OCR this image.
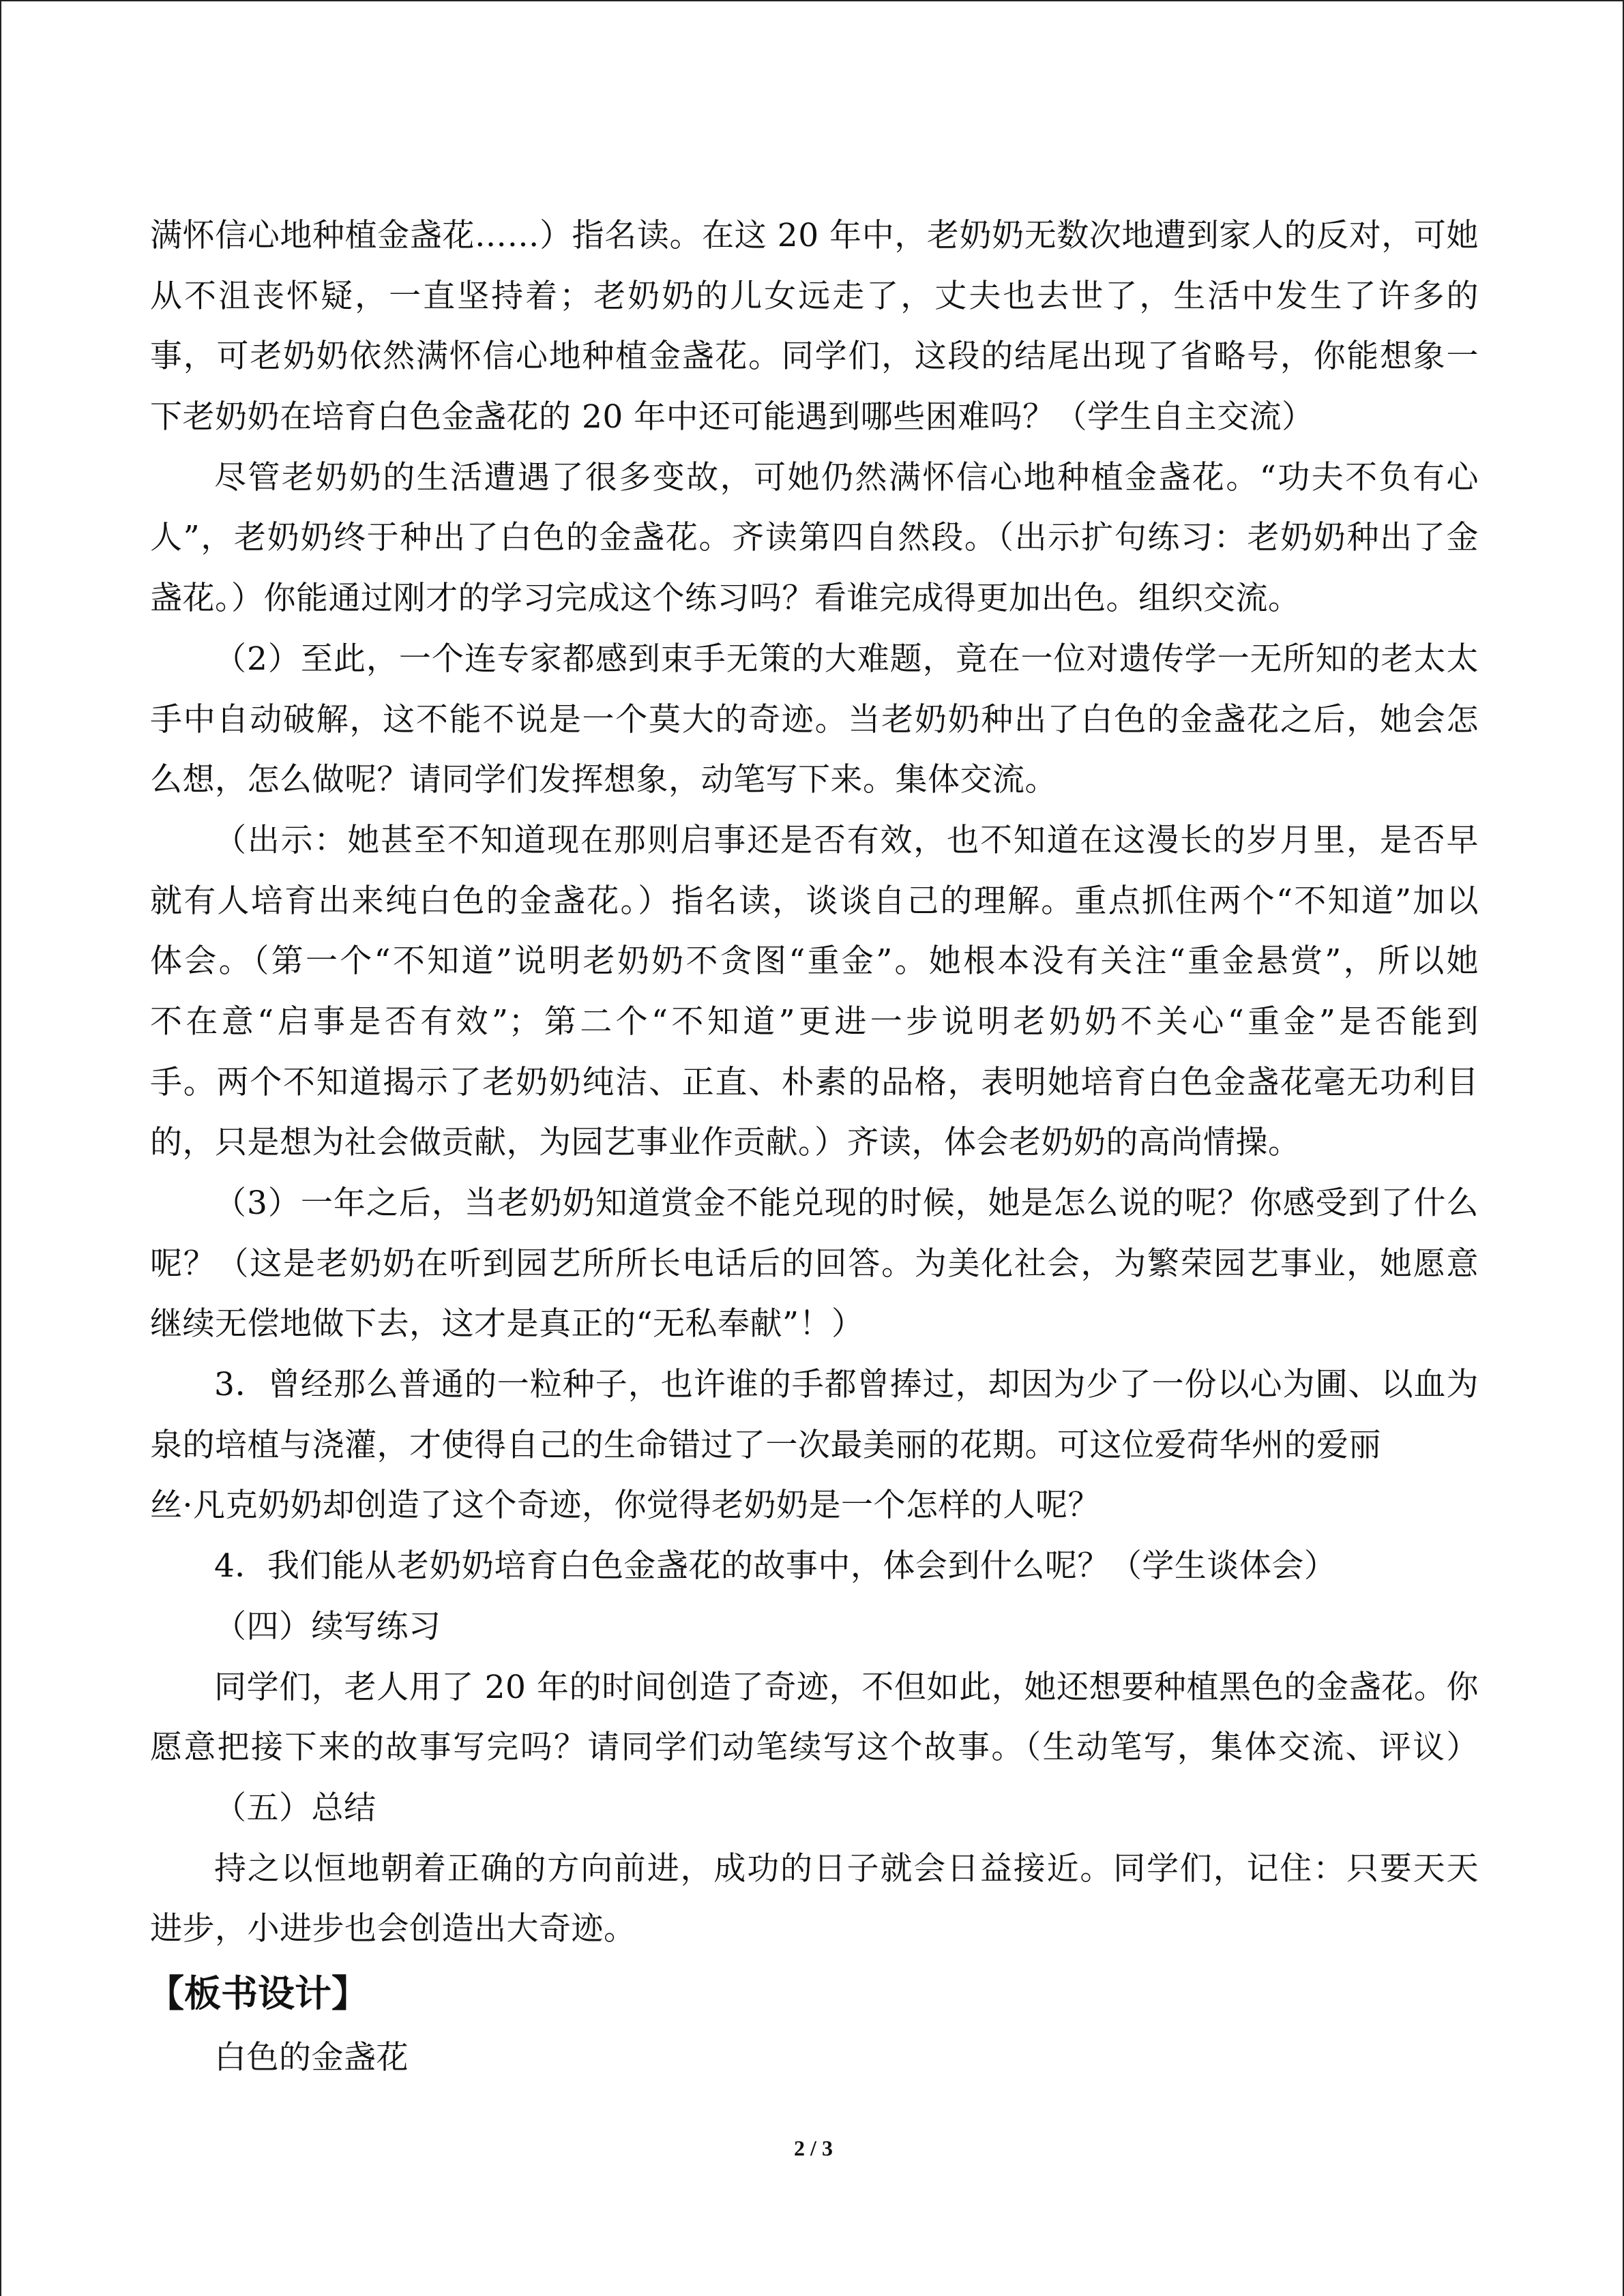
满怀信心地种植金盏花……）指名读。在这 20 年中，老奶奶无数次地遭到家人的反对，可她
从不沮丧怀疑，一直坚持着；老奶奶的儿女远走了，丈夫也去世了，生活中发生了许多的
事，可老奶奶依然满怀信心地种植金盏花。同学们，这段的结尾出现了省略号，你能想象一
下老奶奶在培育白色金盏花的 20 年中还可能遇到哪些困难吗？（学生自主交流）
尽管老奶奶的生活遭遇了很多变故，可她仍然满怀信心地种植金盏花。“功夫不负有心
人”，老奶奶终于种出了白色的金盏花。齐读第四自然段。（出示扩句练习：老奶奶种出了金
盏花。）你能通过刚才的学习完成这个练习吗？看谁完成得更加出色。组织交流。
（2）至此，一个连专家都感到束手无策的大难题，竟在一位对遗传学一无所知的老太太
手中自动破解，这不能不说是一个莫大的奇迹。当老奶奶种出了白色的金盏花之后，她会怎
么想，怎么做呢？请同学们发挥想象，动笔写下来。集体交流。
（出示：她甚至不知道现在那则启事还是否有效，也不知道在这漫长的岁月里，是否早
就有人培育出来纯白色的金盏花。）指名读，谈谈自己的理解。重点抓住两个“不知道”加以
体会。（第一个“不知道”说明老奶奶不贪图“重金”。她根本没有关注“重金悬赏”，所以她
不在意“启事是否有效”；第二个“不知道”更进一步说明老奶奶不关心“重金”是否能到
手。两个不知道揭示了老奶奶纯洁、正直、朴素的品格，表明她培育白色金盏花毫无功利目
的，只是想为社会做贡献，为园艺事业作贡献。）齐读，体会老奶奶的高尚情操。
（3）一年之后，当老奶奶知道赏金不能兑现的时候，她是怎么说的呢？你感受到了什么
呢？（这是老奶奶在听到园艺所所长电话后的回答。为美化社会，为繁荣园艺事业，她愿意
继续无偿地做下去，这才是真正的“无私奉献”！）
3．曾经那么普通的一粒种子，也许谁的手都曾捧过，却因为少了一份以心为圃、以血为
泉的培植与浇灌，才使得自己的生命错过了一次最美丽的花期。可这位爱荷华州的爱丽
丝·凡克奶奶却创造了这个奇迹，你觉得老奶奶是一个怎样的人呢？
4．我们能从老奶奶培育白色金盏花的故事中，体会到什么呢？（学生谈体会）
（四）续写练习
同学们，老人用了 20 年的时间创造了奇迹，不但如此，她还想要种植黑色的金盏花。你
愿意把接下来的故事写完吗？请同学们动笔续写这个故事。（生动笔写，集体交流、评议）
（五）总结
持之以恒地朝着正确的方向前进，成功的日子就会日益接近。同学们，记住：只要天天
进步，小进步也会创造出大奇迹。
【板书设计】
白色的金盏花
2 / 3
